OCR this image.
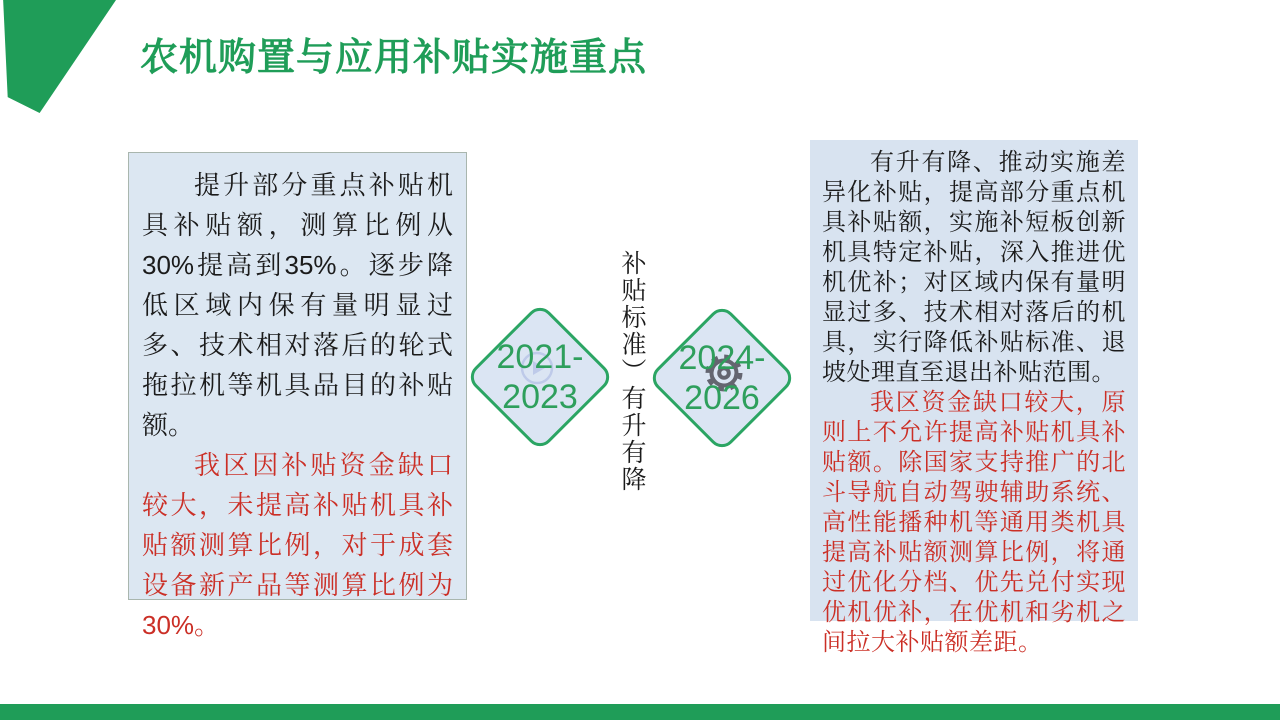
农机购置与应用补贴实施重点

提升部分重点补贴机具补贴额，测算比例从30%提高到35%。逐步降低区域内保有量明显过多、技术相对落后的轮式拖拉机等机具品目的补贴额。

我区因补贴资金缺口较大，未提高补贴机具补贴额测算比例，对于成套设备新产品等测算比例为30%。

2021-
2023 补贴标准）有升有降 2024-
2026

有升有降、推动实施差异化补贴，提高部分重点机具补贴额，实施补短板创新机具特定补贴，深入推进优机优补；对区域内保有量明显过多、技术相对落后的机具，实行降低补贴标准、退坡处理直至退出补贴范围。

我区资金缺口较大，原则上不允许提高补贴机具补贴额。除国家支持推广的北斗导航自动驾驶辅助系统、高性能播种机等通用类机具提高补贴额测算比例，将通过优化分档、优先兑付实现优机优补，在优机和劣机之间拉大补贴额差距。
